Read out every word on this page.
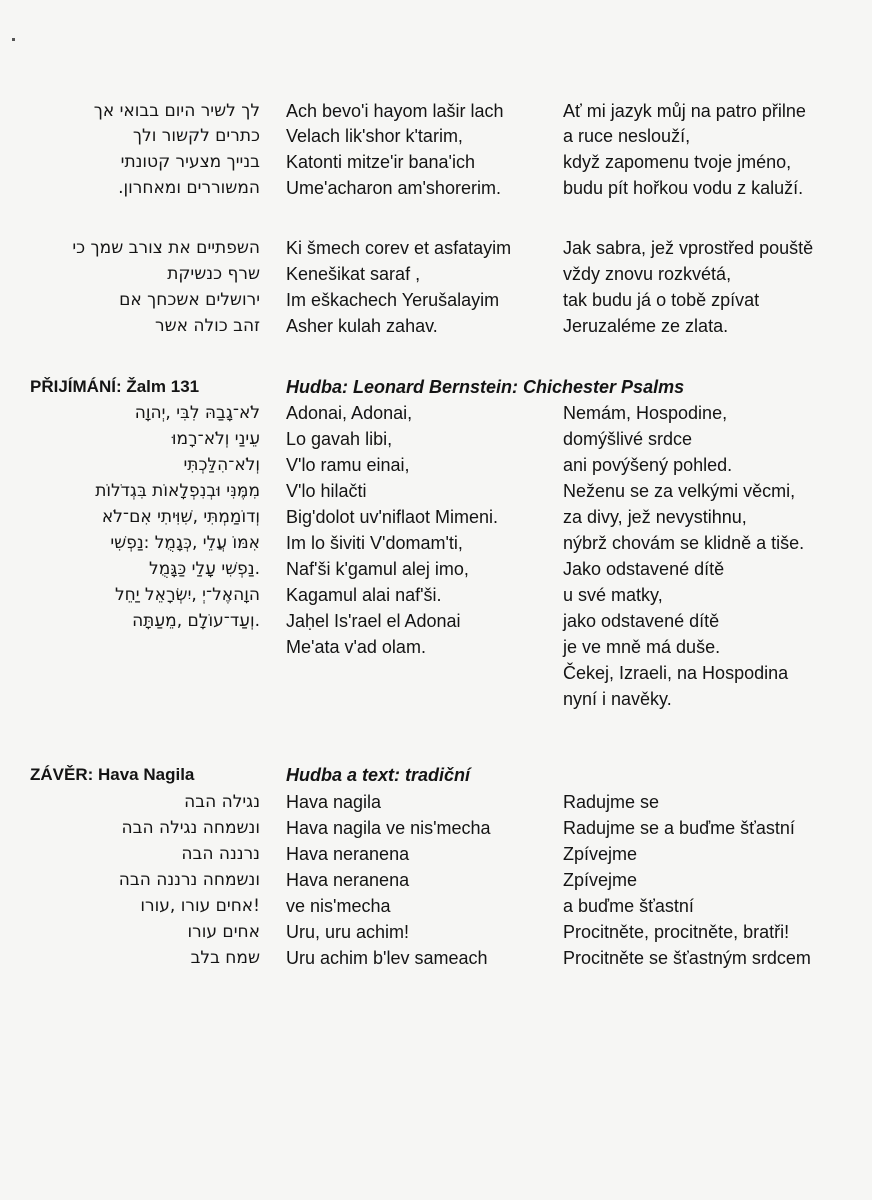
לך לשיר היום בבואי אך
כתרים לקשור ולך
בנייך מצעיר קטונתי
המשוררים ומאחרון.
השפתיים את צורב שמך כי
שרף כנשיקת
ירושלים אשכחך אם
זהב כולה אשר
PŘIJÍMÁNÍ: Žalm 131
לֹא־גָבַהּ לִבִּי ,יְהוָה
עֵינַי וְלֹא־רָמוּ
וְלֹא־הִלַּכְתִּי
מִמֶּנִּי וּבְנִפְלָאוֹת בִּגְדֹלוֹת
וְדוֹמַמְתִּי ,שִׁוִּיתִי אִם־לֹא
אִמּוֹ עֲלֵי ,כְּגָמֻל :נַפְשִׁי
.נַפְשִׁי עָלַי כַּגָּמֻל
הוָהאֶל־יְ ,יִשְׂרָאֵל יַחֵל
.וְעַד־עוֹלָם ,מֵעַתָּה
ZÁVĚR: Hava Nagila
נגילה הבה
ונשמחה נגילה הבה
נרננה הבה
ונשמחה נרננה הבה
!אחים עורו ,עורו
אחים עורו
שמח בלב
Ach bevo'i hayom lašir lach
Velach lik'shor k'tarim,
Katonti mitze'ir bana'ich
Ume'acharon am'shorerim.
Ki šmech corev et asfatayim
Kenešikat saraf ,
Im eškachech Yerušalayim
Asher kulah zahav.
Hudba: Leonard Bernstein: Chichester Psalms
Adonai, Adonai,
Lo gavah libi,
V'lo ramu einai,
V'lo hilačti
Big'dolot uv'niflaot Mimeni.
Im lo šiviti V'domam'ti,
Naf'ši k'gamul alej imo,
Kagamul alai naf'ši.
Jaḥel Is'rael el Adonai
Me'ata v'ad olam.
Hudba a text: tradiční
Hava nagila
Hava nagila ve nis'mecha
Hava neranena
Hava neranena
ve nis'mecha
Uru, uru achim!
Uru achim b'lev sameach
Ať mi jazyk můj na patro přilne
a ruce neslouží,
když zapomenu tvoje jméno,
budu pít hořkou vodu z kaluží.
Jak sabra, jež vprostřed pouště
vždy znovu rozkvétá,
tak budu já o tobě zpívat
Jeruzaléme ze zlata.
Nemám, Hospodine,
domýšlivé srdce
ani povýšený pohled.
Neženu se za velkými věcmi,
za divy, jež nevystihnu,
nýbrž chovám se klidně a tiše.
Jako odstavené dítě
u své matky,
jako odstavené dítě
je ve mně má duše.
Čekej, Izraeli, na Hospodina
nyní i navěky.
Radujme se
Radujme se a buďme šťastní
Zpívejme
Zpívejme
a buďme šťastní
Procitněte, procitněte, bratři!
Procitněte se šťastným srdcem
